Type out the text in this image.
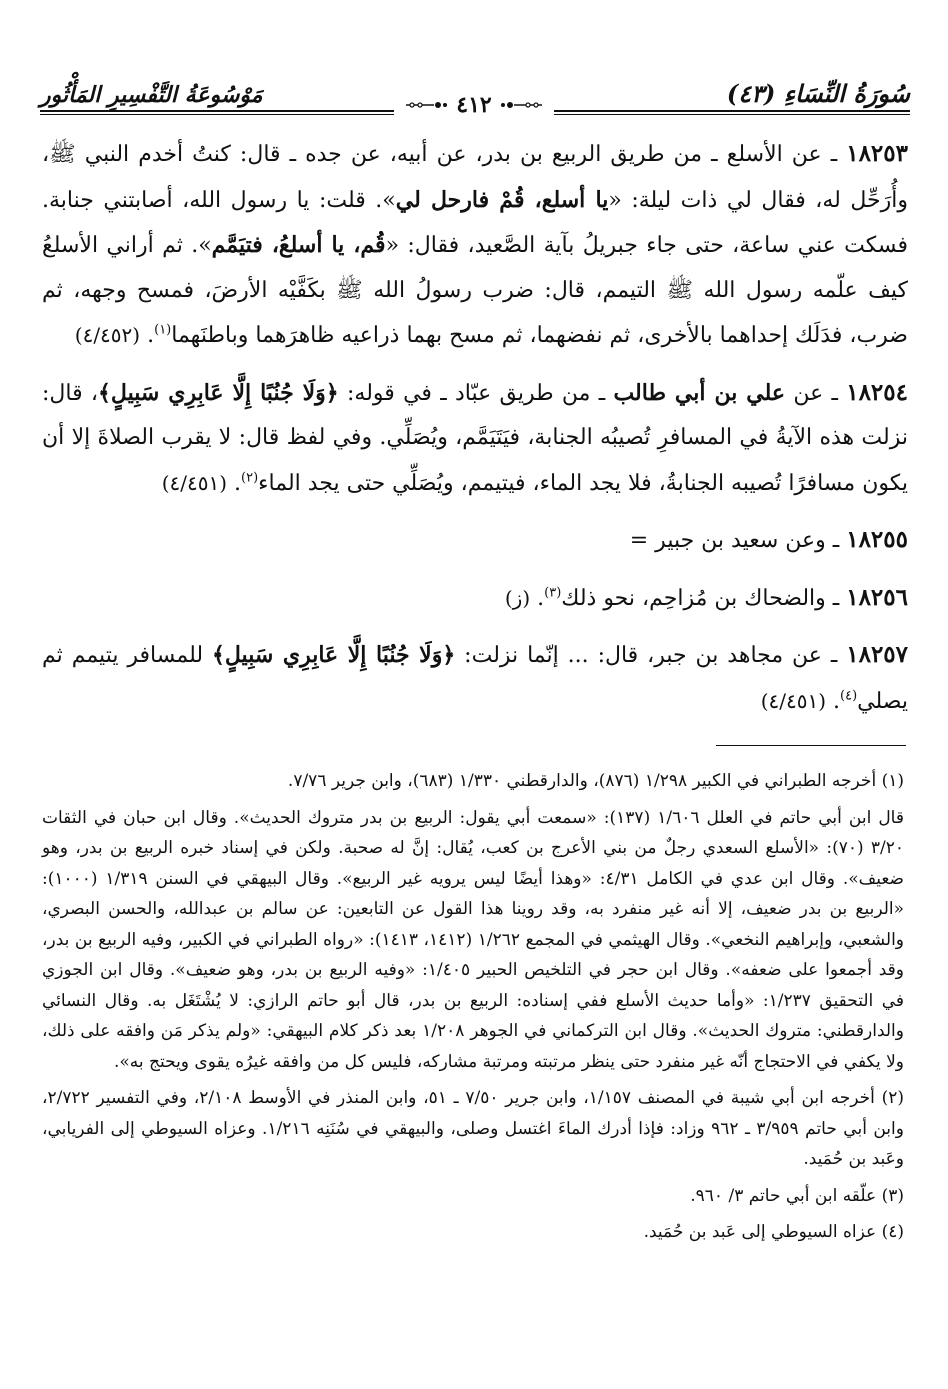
سُورَةُ النِّسَاءِ (٤٣)
مَوْسُوعَةُ التَّفْسِيرِ المَأْثُور	٤١٢

١٨٢٥٣ ـ عن الأسلع ـ من طريق الربيع بن بدر، عن أبيه، عن جده ـ قال: كنتُ أخدم النبي ﷺ، وأُرَحِّل له، فقال لي ذات ليلة: «يا أسلع، قُمْ فارحل لي». قلت: يا رسول الله، أصابتني جنابة. فسكت عني ساعة، حتى جاء جبريلُ بآية الصَّعيد، فقال: «قُم، يا أسلعُ، فتيَمَّم». ثم أراني الأسلعُ كيف علّمه رسول الله ﷺ التيمم، قال: ضرب رسولُ الله ﷺ بكَفَّيْه الأرضَ، فمسح وجهه، ثم ضرب، فدَلَك إحداهما بالأخرى، ثم نفضهما، ثم مسح بهما ذراعيه ظاهرَهما وباطنَهما$^{(١)}$. (٤/٤٥٢)

١٨٢٥٤ ـ عن علي بن أبي طالب ـ من طريق عبّاد ـ في قوله: ﴿وَلَا جُنُبًا إِلَّا عَابِرِي سَبِيلٍ﴾، قال: نزلت هذه الآيةُ في المسافرِ تُصيبُه الجنابة، فيَتَيَمَّم، ويُصَلِّي. وفي لفظ قال: لا يقرب الصلاةَ إلا أن يكون مسافرًا تُصيبه الجنابةُ، فلا يجد الماء، فيتيمم، ويُصَلِّي حتى يجد الماء$^{(٢)}$. (٤/٤٥١)

١٨٢٥٥ ـ وعن سعيد بن جبير =

١٨٢٥٦ ـ والضحاك بن مُزاحِم، نحو ذلك$^{(٣)}$. (ز)

١٨٢٥٧ ـ عن مجاهد بن جبر، قال: ... إنّما نزلت: ﴿وَلَا جُنُبًا إِلَّا عَابِرِي سَبِيلٍ﴾ للمسافر يتيمم ثم يصلي$^{(٤)}$. (٤/٤٥١)

(١) أخرجه الطبراني في الكبير ١/٢٩٨ (٨٧٦)، والدارقطني ١/٣٣٠ (٦٨٣)، وابن جرير ٧/٧٦.

قال ابن أبي حاتم في العلل ١/٦٠٦ (١٣٧): «سمعت أبي يقول: الربيع بن بدر متروك الحديث». وقال ابن حبان في الثقات ٣/٢٠ (٧٠): «الأسلع السعدي رجلٌ من بني الأعرج بن كعب، يُقال: إنَّ له صحبة. ولكن في إسناد خبره الربيع بن بدر، وهو ضعيف». وقال ابن عدي في الكامل ٤/٣١: «وهذا أيضًا ليس يرويه غير الربيع». وقال البيهقي في السنن ١/٣١٩ (١٠٠٠): «الربيع بن بدر ضعيف، إلا أنه غير منفرد به، وقد روينا هذا القول عن التابعين: عن سالم بن عبدالله، والحسن البصري، والشعبي، وإبراهيم النخعي». وقال الهيثمي في المجمع ١/٢٦٢ (١٤١٢، ١٤١٣): «رواه الطبراني في الكبير، وفيه الربيع بن بدر، وقد أجمعوا على ضعفه». وقال ابن حجر في التلخيص الحبير ١/٤٠٥: «وفيه الربيع بن بدر، وهو ضعيف». وقال ابن الجوزي في التحقيق ١/٢٣٧: «وأما حديث الأسلع ففي إسناده: الربيع بن بدر، قال أبو حاتم الرازي: لا يُشْتَغَل به. وقال النسائي والدارقطني: متروك الحديث». وقال ابن التركماني في الجوهر ١/٢٠٨ بعد ذكر كلام البيهقي: «ولم يذكر مَن وافقه على ذلك، ولا يكفي في الاحتجاج أنّه غير منفرد حتى ينظر مرتبته ومرتبة مشاركه، فليس كل من وافقه غيرُه يقوى ويحتج به».

(٢) أخرجه ابن أبي شيبة في المصنف ١/١٥٧، وابن جرير ٧/٥٠ ـ ٥١، وابن المنذر في الأوسط ٢/١٠٨، وفي التفسير ٢/٧٢٢، وابن أبي حاتم ٣/٩٥٩ ـ ٩٦٢ وزاد: فإذا أدرك الماءَ اغتسل وصلى، والبيهقي في سُنَنِه ١/٢١٦. وعزاه السيوطي إلى الفريابي، وعَبد بن حُمَيد.

(٣) علّقه ابن أبي حاتم ٣/ ٩٦٠.

(٤) عزاه السيوطي إلى عَبد بن حُمَيد.
